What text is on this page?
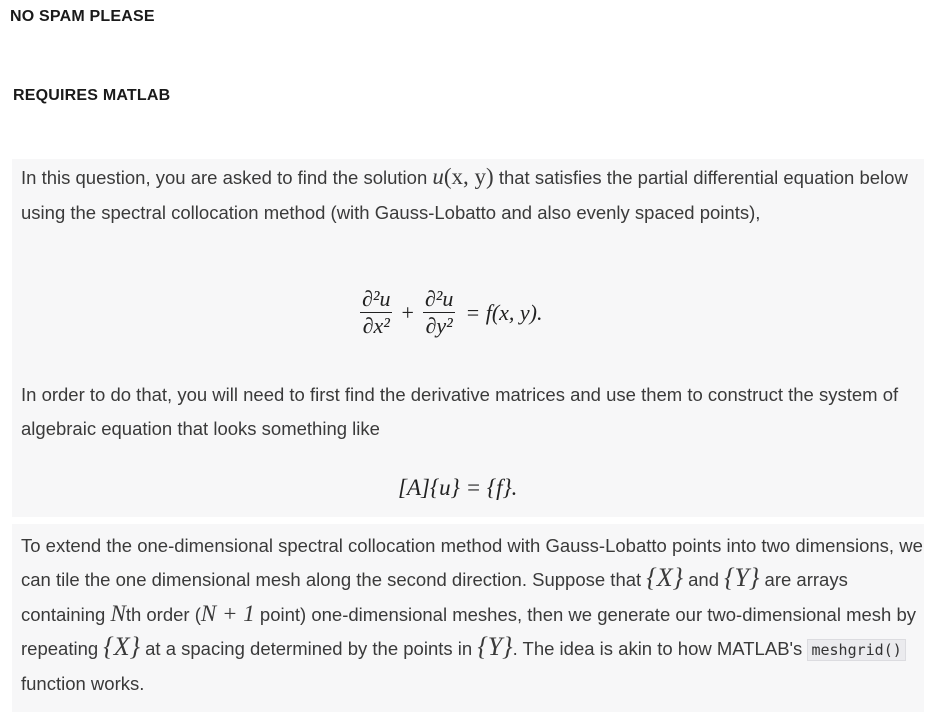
NO SPAM PLEASE
REQUIRES MATLAB
In this question, you are asked to find the solution u(x, y) that satisfies the partial differential equation below using the spectral collocation method (with Gauss-Lobatto and also evenly spaced points),
$\frac{\text{∂²u}}{\text{∂x²}} + \frac{\text{∂²u}}{\text{∂y²}} = f(x$, y).
In order to do that, you will need to first find the derivative matrices and use them to construct the system of algebraic equation that looks something like
[A]{u} = {f}.
To extend the one-dimensional spectral collocation method with Gauss-Lobatto points into two dimensions, we can tile the one dimensional mesh along the second direction. Suppose that {X} and {Y} are arrays containing Nth order (N + 1 point) one-dimensional meshes, then we generate our two-dimensional mesh by repeating {X} at a spacing determined by the points in {Y}. The idea is akin to how MATLAB's meshgrid() function works.
